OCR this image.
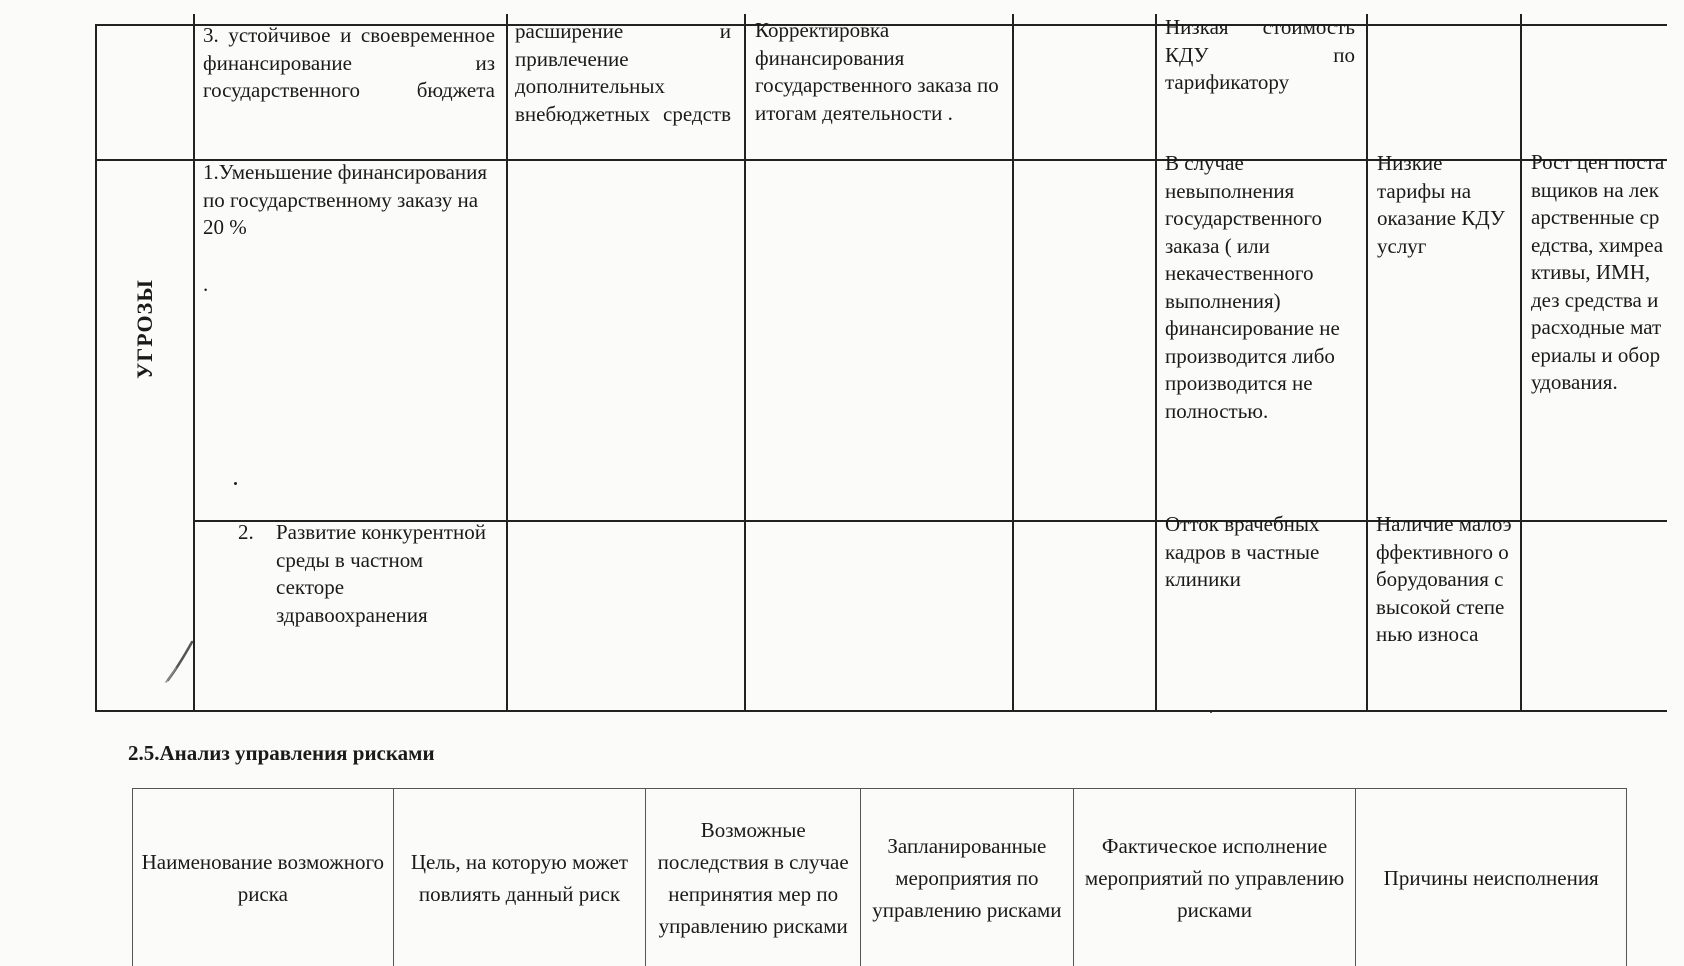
3. устойчивое и своевременное финансирование из государственного бюджета
расширение и привлечение дополнительных внебюджетных средств
Корректировка финансирования государственного заказа по итогам деятельности .
Низкая стоимость КДУ по тарификатору
УГРОЗЫ
1.Уменьшение финансирования по государственному заказу на 20 %
.
В случае невыполнения государственного заказа ( или некачественного выполнения) финансирование не производится либо производится не полностью.
Низкие тарифы на оказание КДУ услуг
Рост цен поставщиков на лекарственные средства, химреактивы, ИМН, дез средства и расходные материалы и оборудования.
2.	Развитие конкурентной среды в частном секторе здравоохранения
Отток врачебных кадров в частные клиники
Наличие малоэффективного оборудования с высокой степенью износа
2.5.Анализ управления рисками
Наименование возможного риска
Цель, на которую может повлиять данный риск
Возможные последствия в случае непринятия мер по управлению рисками
Запланированные мероприятия по управлению рисками
Фактическое исполнение мероприятий по управлению рисками
Причины неисполнения
